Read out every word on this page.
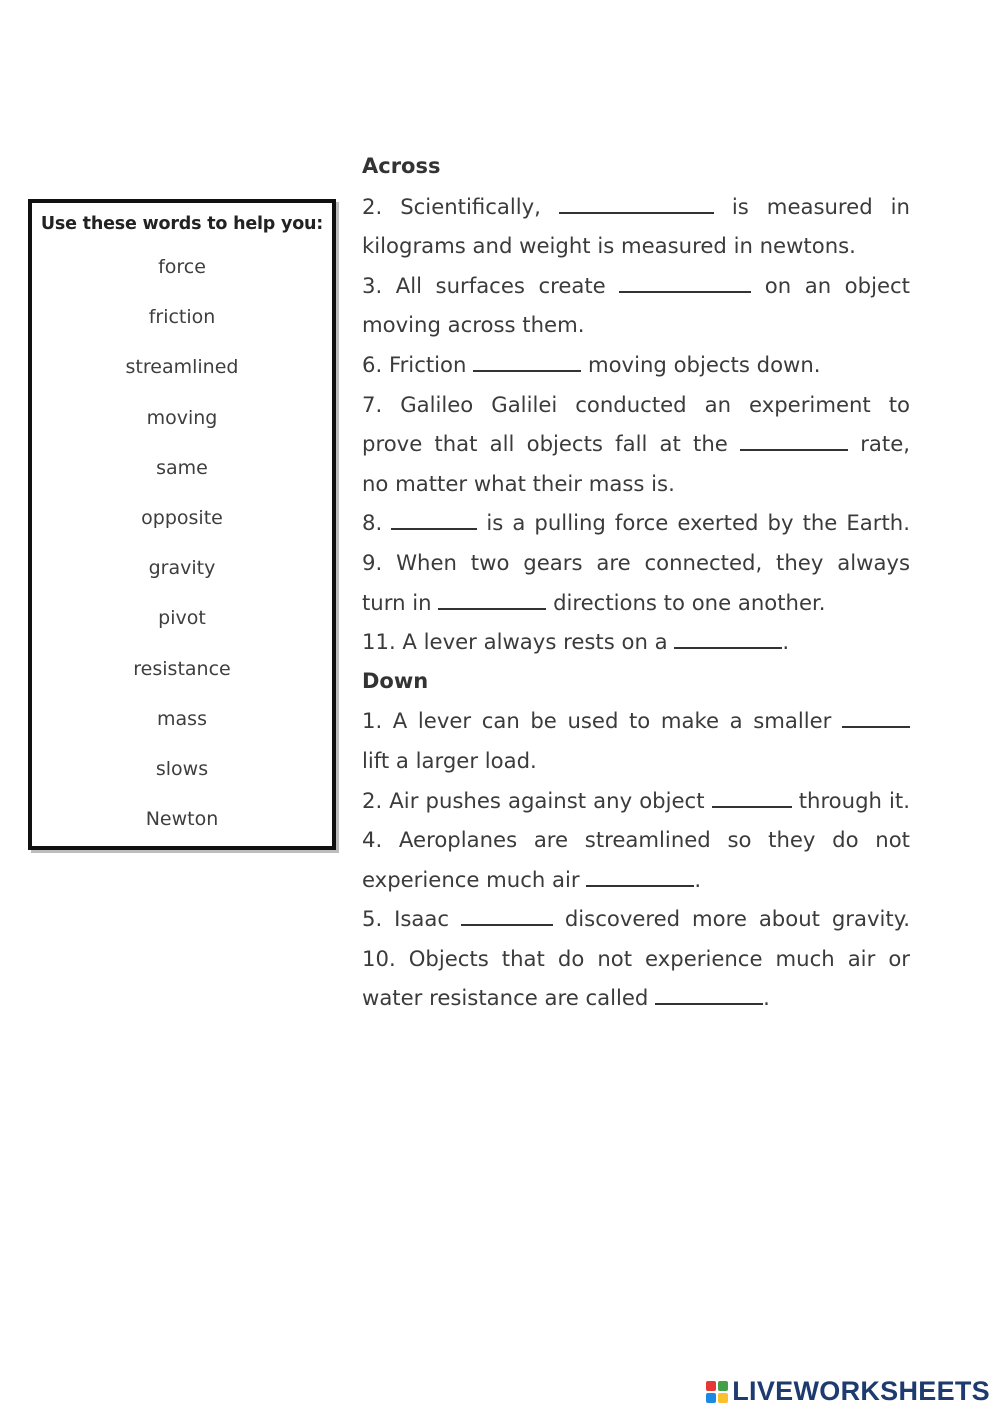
Use these words to help you:
force
friction
streamlined
moving
same
opposite
gravity
pivot
resistance
mass
slows
Newton
Across
2. Scientifically,	is measured in
kilograms and weight is measured in newtons.
3. All surfaces create	on an object
moving across them.
6. Friction	moving objects down.
7. Galileo Galilei conducted an experiment to
prove that all objects fall at the	rate,
no matter what their mass is.
8.	is a pulling force exerted by the Earth.
9. When two gears are connected, they always
turn in	directions to one another.
11. A lever always rests on a	.
Down
1. A lever can be used to make a smaller
lift a larger load.
2. Air pushes against any object	through it.
4. Aeroplanes are streamlined so they do not
experience much air	.
5. Isaac	discovered more about gravity.
10. Objects that do not experience much air or
water resistance are called	.
LIVEWORKSHEETS
